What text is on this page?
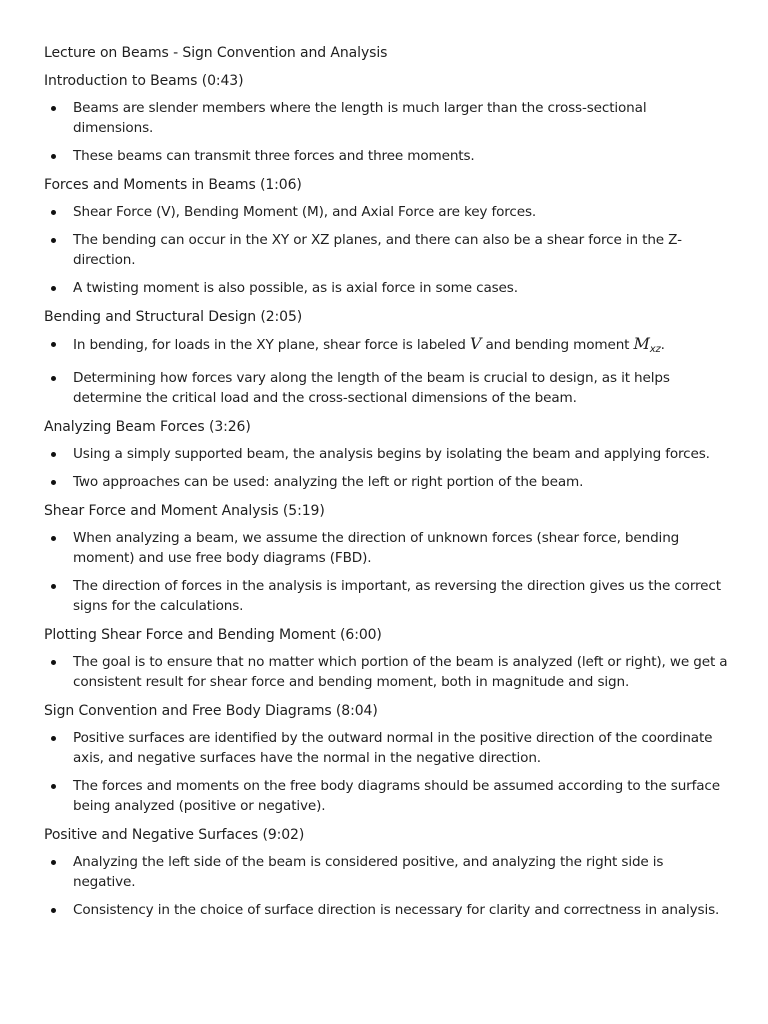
Lecture on Beams - Sign Convention and Analysis
Introduction to Beams (0:43)
Beams are slender members where the length is much larger than the cross-sectional dimensions.
These beams can transmit three forces and three moments.
Forces and Moments in Beams (1:06)
Shear Force (V), Bending Moment (M), and Axial Force are key forces.
The bending can occur in the XY or XZ planes, and there can also be a shear force in the Z-direction.
A twisting moment is also possible, as is axial force in some cases.
Bending and Structural Design (2:05)
In bending, for loads in the XY plane, shear force is labeled V and bending moment $M_{xz}$.
Determining how forces vary along the length of the beam is crucial to design, as it helps determine the critical load and the cross-sectional dimensions of the beam.
Analyzing Beam Forces (3:26)
Using a simply supported beam, the analysis begins by isolating the beam and applying forces.
Two approaches can be used: analyzing the left or right portion of the beam.
Shear Force and Moment Analysis (5:19)
When analyzing a beam, we assume the direction of unknown forces (shear force, bending moment) and use free body diagrams (FBD).
The direction of forces in the analysis is important, as reversing the direction gives us the correct signs for the calculations.
Plotting Shear Force and Bending Moment (6:00)
The goal is to ensure that no matter which portion of the beam is analyzed (left or right), we get a consistent result for shear force and bending moment, both in magnitude and sign.
Sign Convention and Free Body Diagrams (8:04)
Positive surfaces are identified by the outward normal in the positive direction of the coordinate axis, and negative surfaces have the normal in the negative direction.
The forces and moments on the free body diagrams should be assumed according to the surface being analyzed (positive or negative).
Positive and Negative Surfaces (9:02)
Analyzing the left side of the beam is considered positive, and analyzing the right side is negative.
Consistency in the choice of surface direction is necessary for clarity and correctness in analysis.
